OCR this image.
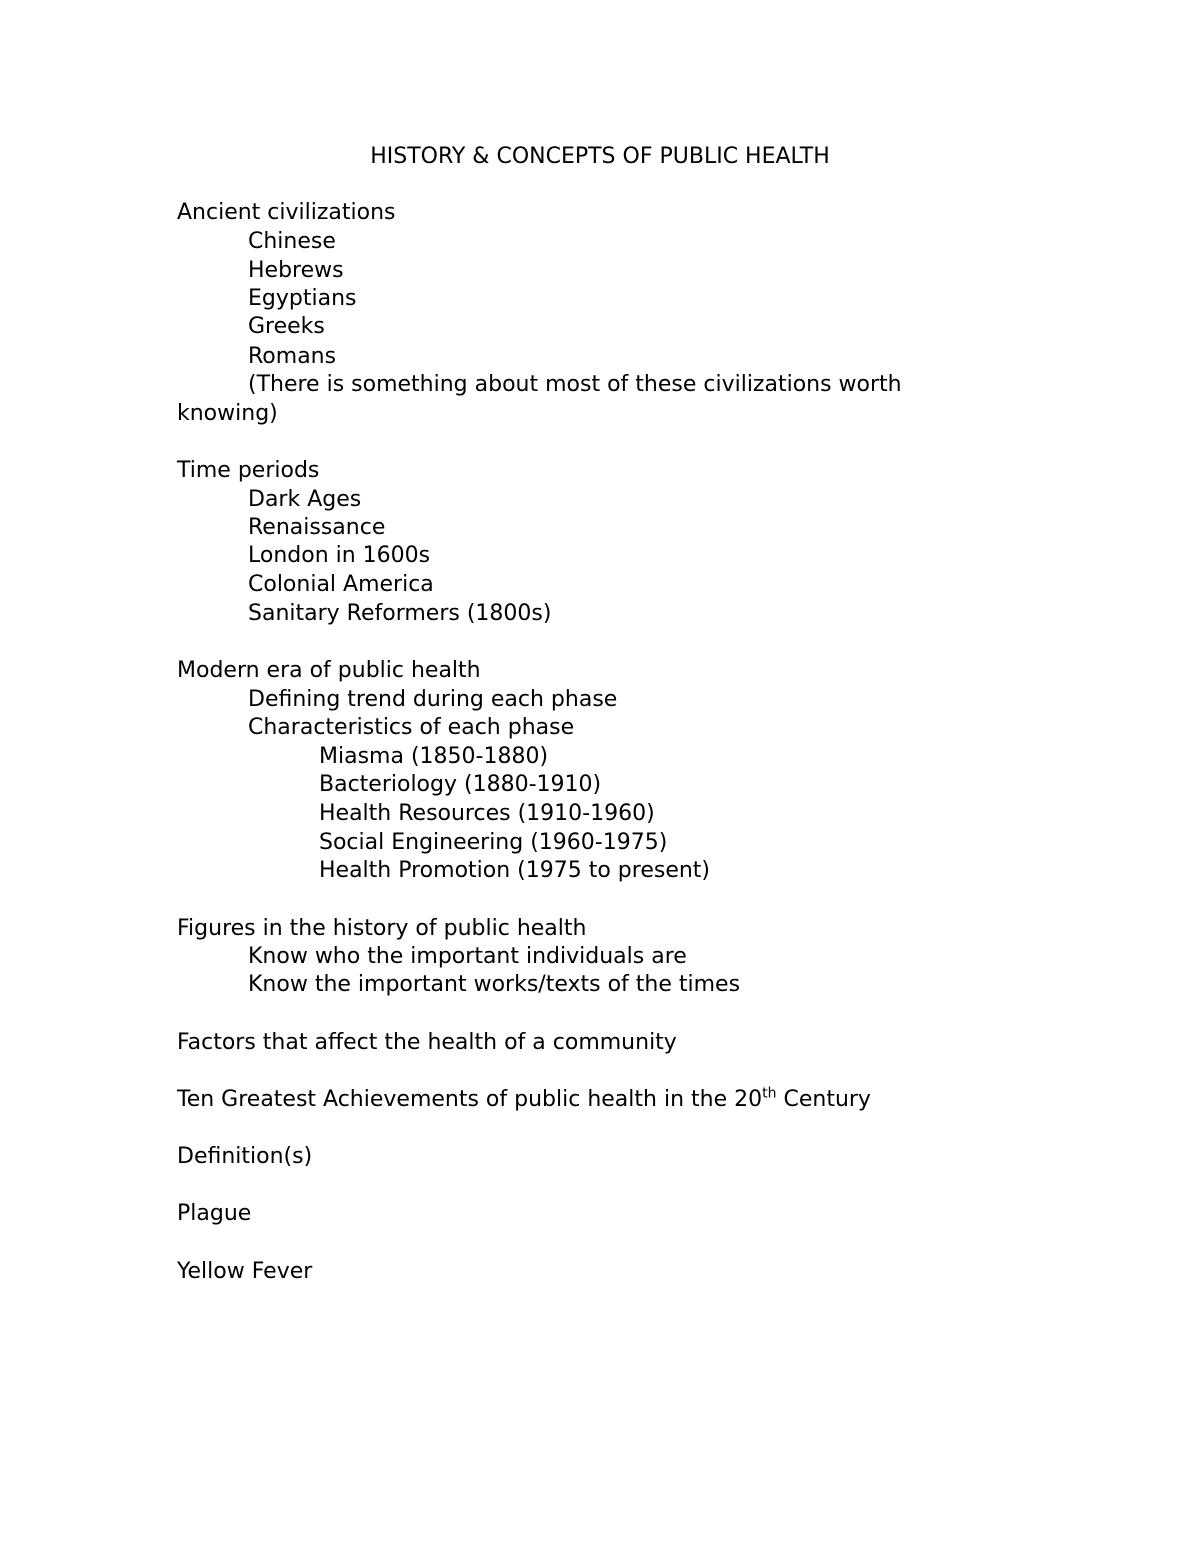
HISTORY & CONCEPTS OF PUBLIC HEALTH
Ancient civilizations
Chinese
Hebrews
Egyptians
Greeks
Romans
(There is something about most of these civilizations worth
knowing)
Time periods
Dark Ages
Renaissance
London in 1600s
Colonial America
Sanitary Reformers (1800s)
Modern era of public health
Defining trend during each phase
Characteristics of each phase
Miasma (1850-1880)
Bacteriology (1880-1910)
Health Resources (1910-1960)
Social Engineering (1960-1975)
Health Promotion (1975 to present)
Figures in the history of public health
Know who the important individuals are
Know the important works/texts of the times
Factors that affect the health of a community
Ten Greatest Achievements of public health in the 20th Century
Definition(s)
Plague
Yellow Fever
